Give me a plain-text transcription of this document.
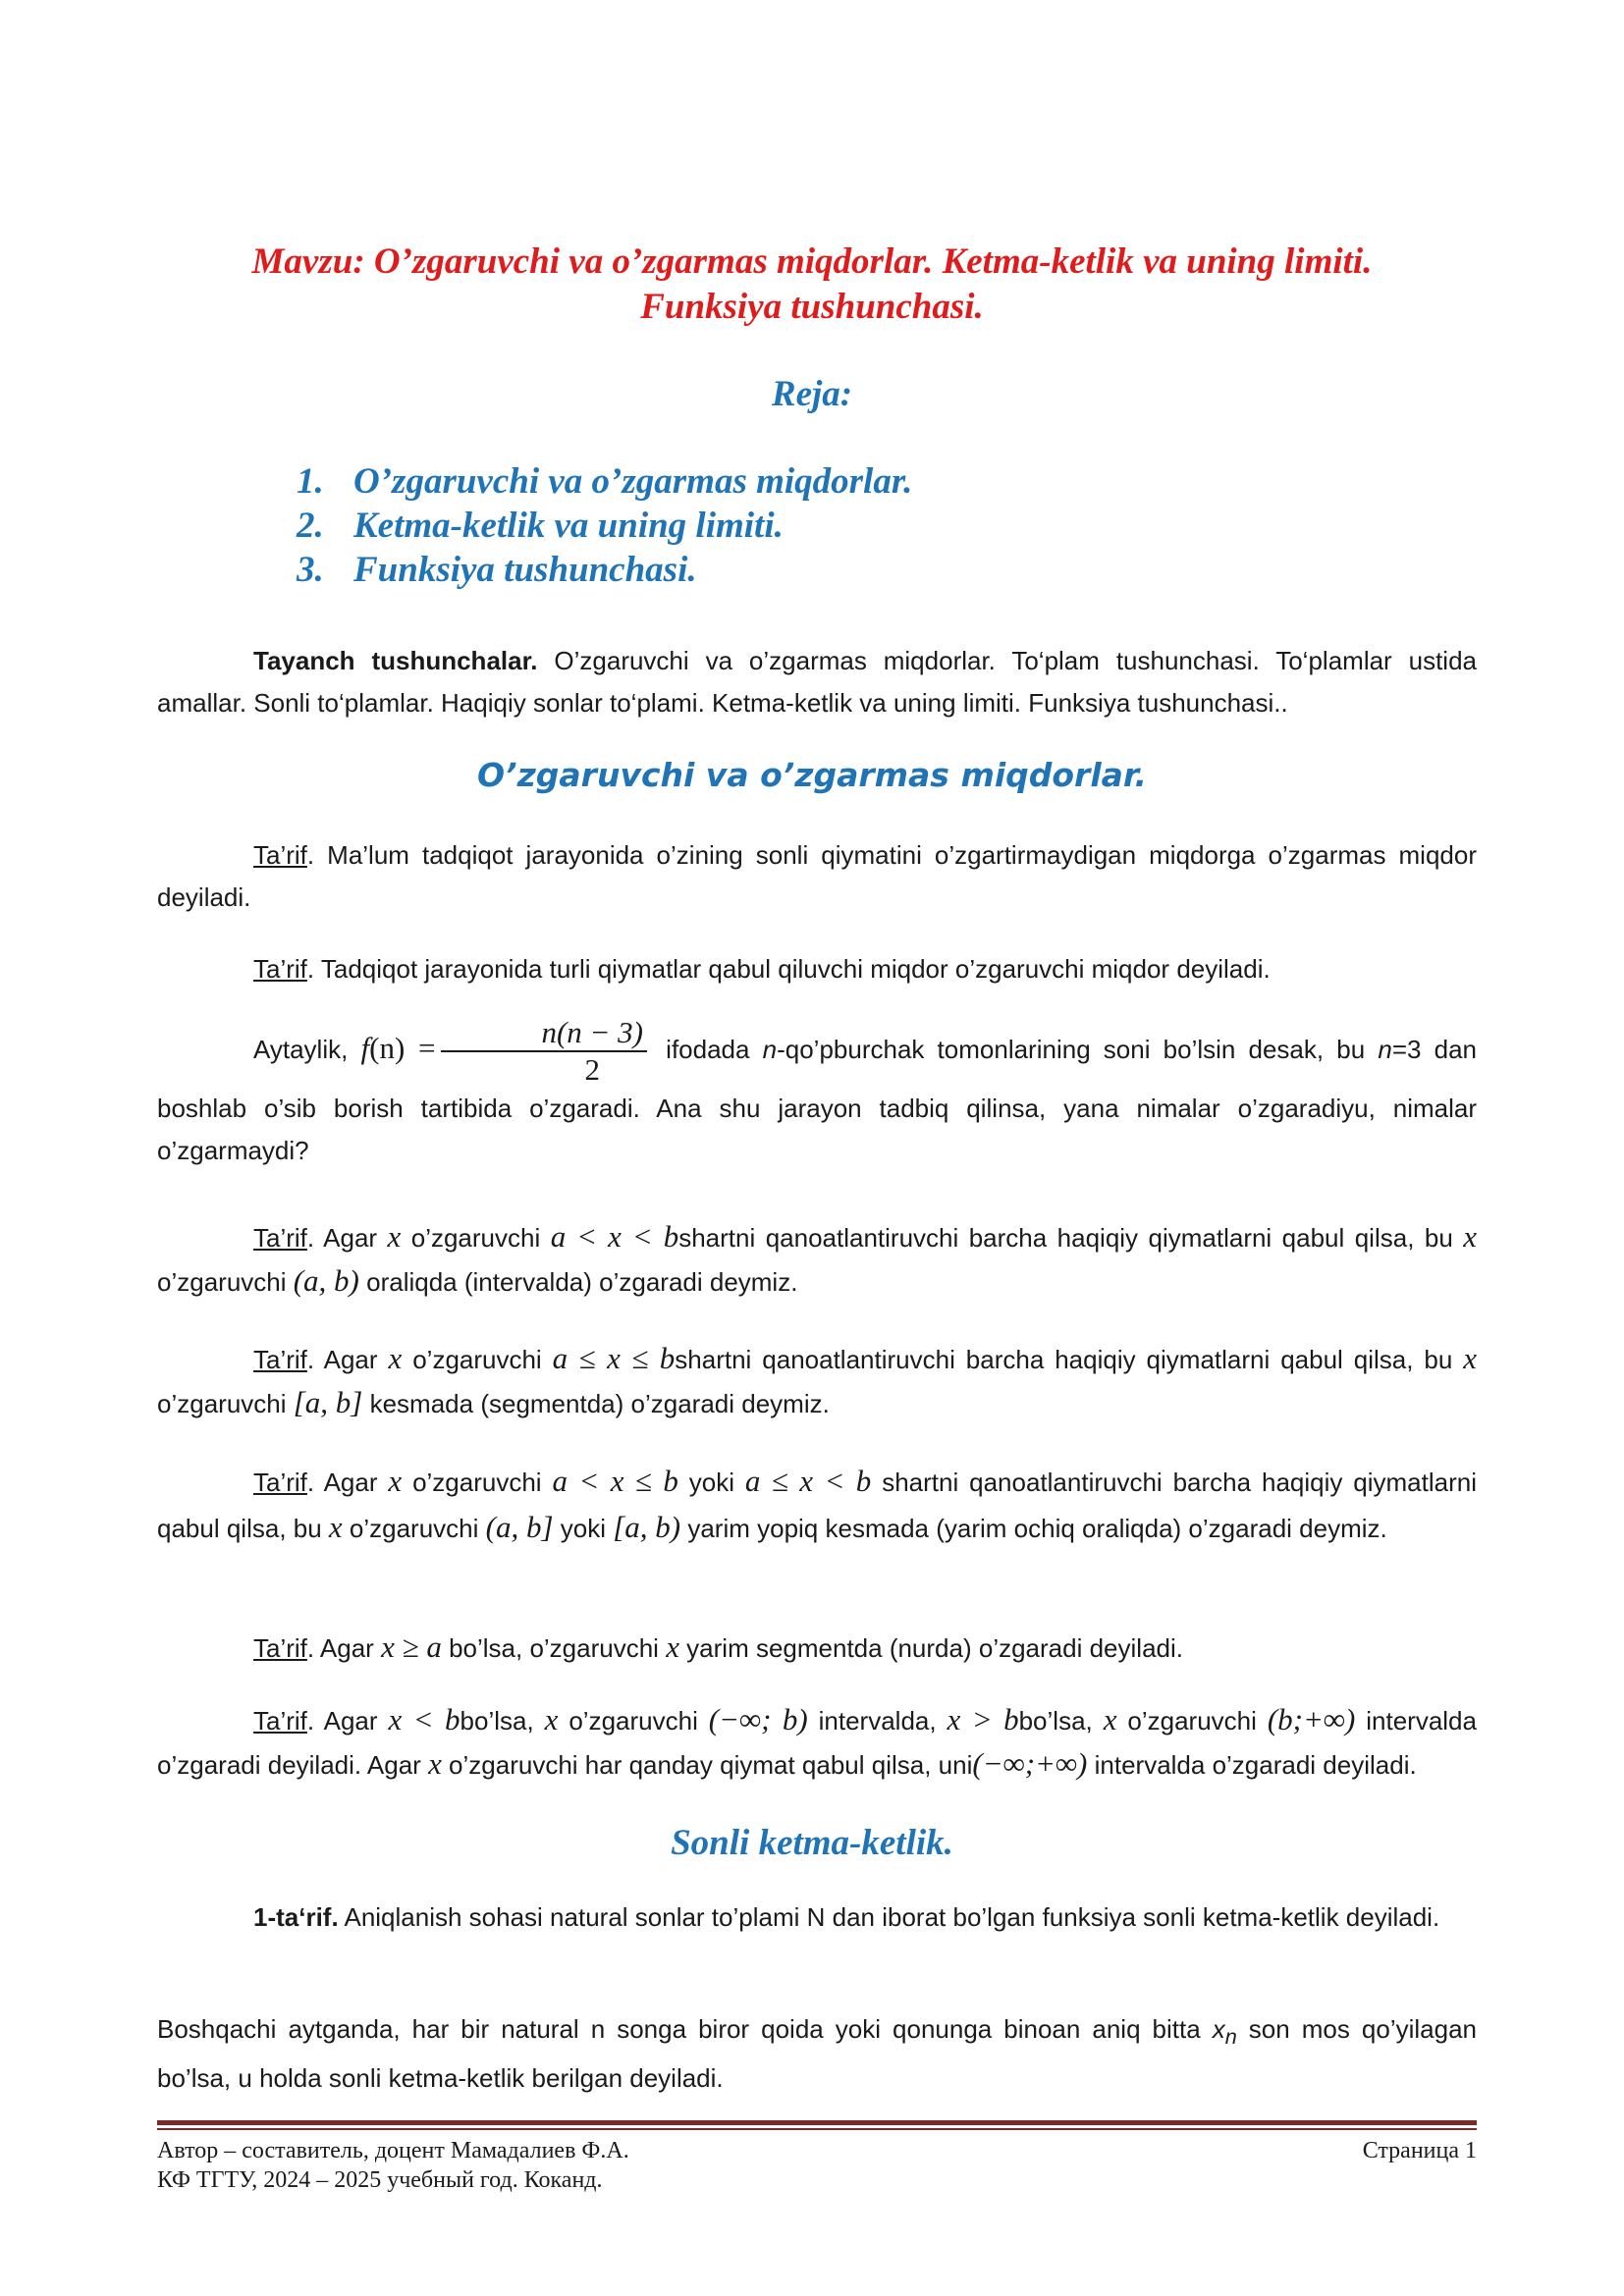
Mavzu: O’zgaruvchi va o’zgarmas miqdorlar. Ketma-ketlik va uning limiti.
Funksiya tushunchasi.
Reja:
1. O’zgaruvchi va o’zgarmas miqdorlar.
2. Ketma-ketlik va uning limiti.
3. Funksiya tushunchasi.
Tayanch tushunchalar. O’zgaruvchi va o’zgarmas miqdorlar. To‘plam tushunchasi. To‘plamlar ustida amallar. Sonli to‘plamlar. Haqiqiy sonlar to‘plami. Ketma-ketlik va uning limiti. Funksiya tushunchasi..
O’zgaruvchi va o’zgarmas miqdorlar.
Ta’rif. Ma’lum tadqiqot jarayonida o’zining sonli qiymatini o’zgartirmaydigan miqdorga o’zgarmas miqdor deyiladi.
Ta’rif. Tadqiqot jarayonida turli qiymatlar qabul qiluvchi miqdor o’zgaruvchi miqdor deyiladi.
Aytaylik, $f(n) = \frac{n(n - 3)}{2}$ ifodada n-qo’pburchak tomonlarining soni bo’lsin desak, bu n=3 dan boshlab o’sib borish tartibida o’zgaradi. Ana shu jarayon tadbiq qilinsa, yana nimalar o’zgaradiyu, nimalar o’zgarmaydi?
Ta’rif. Agar x o’zgaruvchi a < x < bshartni qanoatlantiruvchi barcha haqiqiy qiymatlarni qabul qilsa, bu x o’zgaruvchi (a, b) oraliqda (intervalda) o’zgaradi deymiz.
Ta’rif. Agar x o’zgaruvchi a ≤ x ≤ bshartni qanoatlantiruvchi barcha haqiqiy qiymatlarni qabul qilsa, bu x o’zgaruvchi [a, b] kesmada (segmentda) o’zgaradi deymiz.
Ta’rif. Agar x o’zgaruvchi a < x ≤ b yoki a ≤ x < b shartni qanoatlantiruvchi barcha haqiqiy qiymatlarni qabul qilsa, bu x o’zgaruvchi (a, b] yoki [a, b) yarim yopiq kesmada (yarim ochiq oraliqda) o’zgaradi deymiz.
Ta’rif. Agar x ≥ a bo’lsa, o’zgaruvchi x yarim segmentda (nurda) o’zgaradi deyiladi.
Ta’rif. Agar x < bbo’lsa, x o’zgaruvchi (−∞; b) intervalda, x > bbo’lsa, x o’zgaruvchi (b;+∞) intervalda o’zgaradi deyiladi. Agar x o’zgaruvchi har qanday qiymat qabul qilsa, uni(−∞;+∞) intervalda o’zgaradi deyiladi.
Sonli ketma-ketlik.
1-ta‘rif. Aniqlanish sohasi natural sonlar to’plami N dan iborat bo’lgan funksiya sonli ketma-ketlik deyiladi.
Boshqachi aytganda, har bir natural n songa biror qoida yoki qonunga binoan aniq bitta $x_n$ son mos qo’yilagan bo’lsa, u holda sonli ketma-ketlik berilgan deyiladi.
Автор – составитель, доцент Мамадалиев Ф.А.	Страница 1
КФ ТГТУ, 2024 – 2025 учебный год. Коканд.
